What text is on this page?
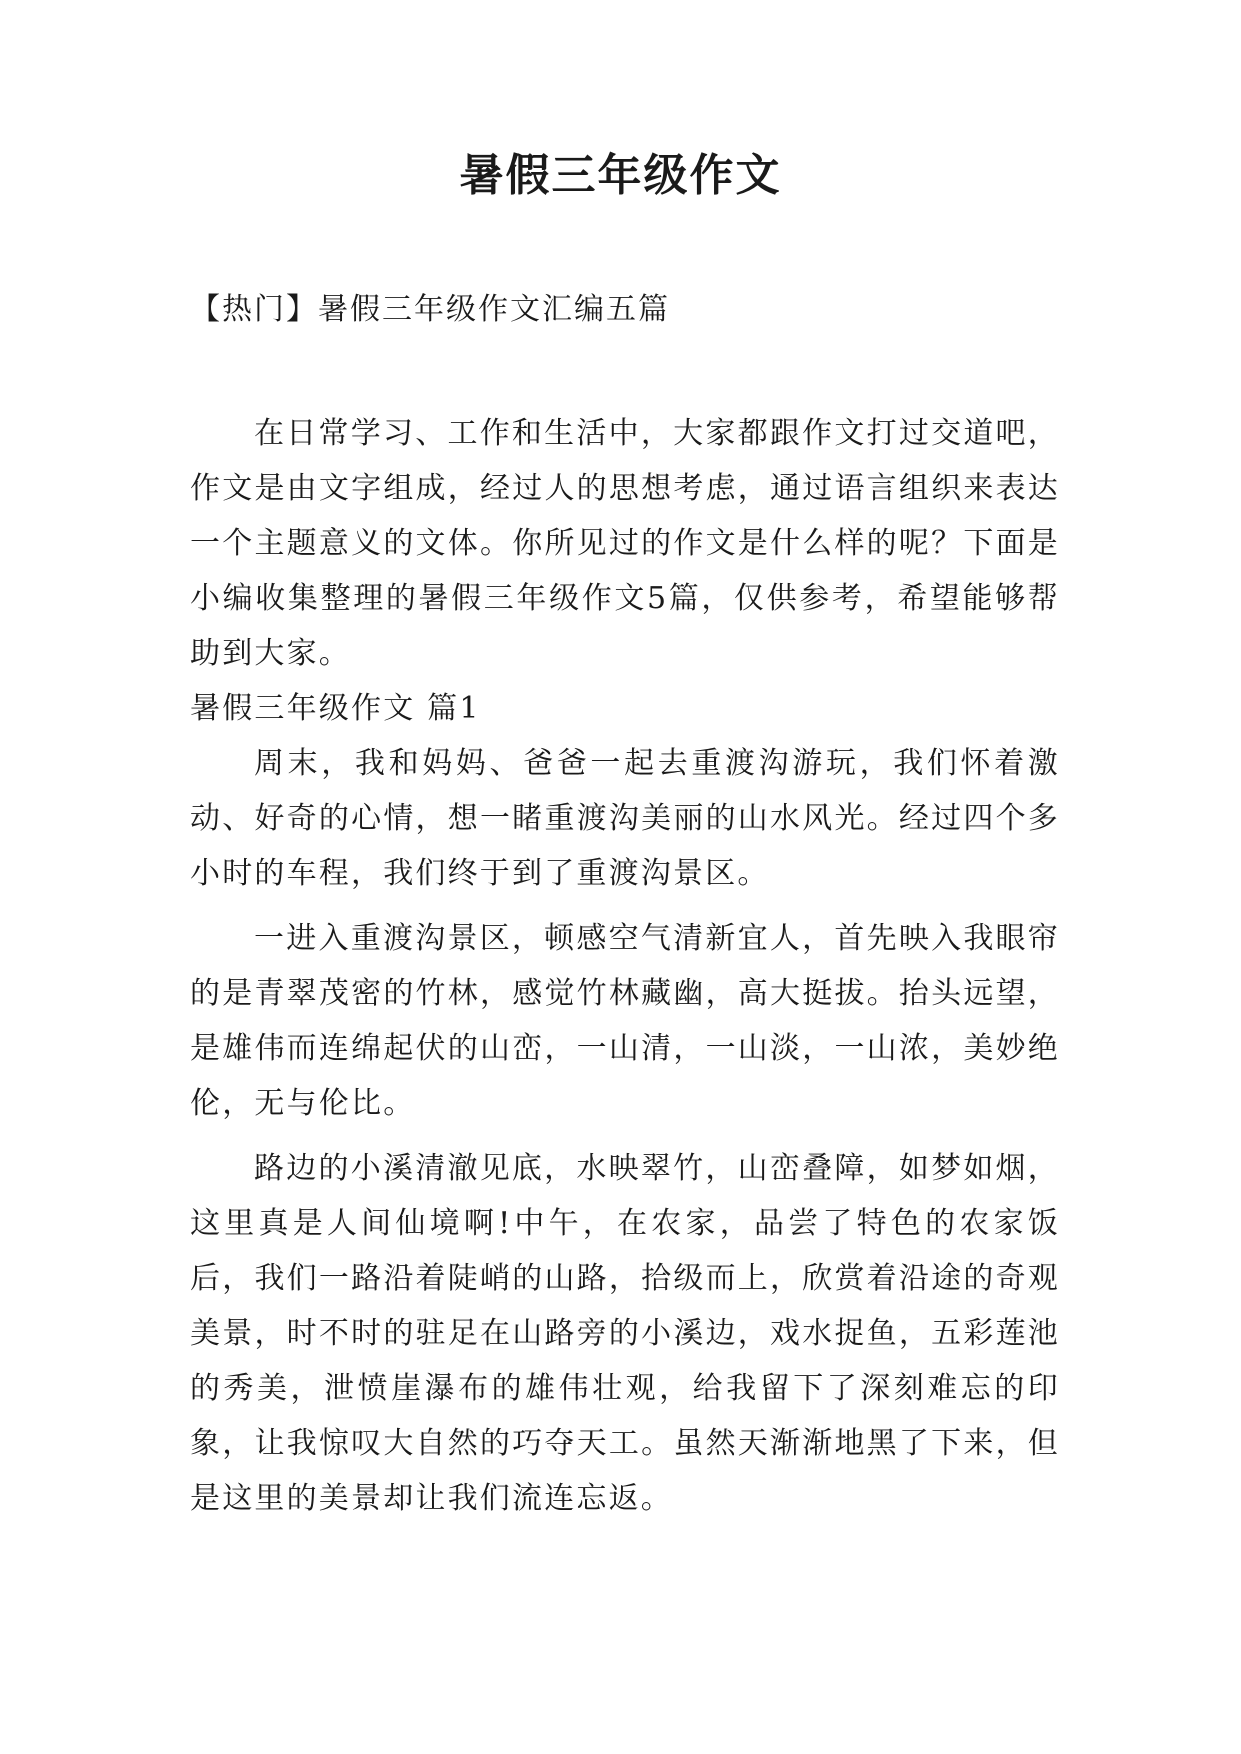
暑假三年级作文
【热门】暑假三年级作文汇编五篇

在日常学习、工作和生活中，大家都跟作文打过交道吧，作文是由文字组成，经过人的思想考虑，通过语言组织来表达一个主题意义的文体。你所见过的作文是什么样的呢？下面是小编收集整理的暑假三年级作文5篇，仅供参考，希望能够帮助到大家。

暑假三年级作文 篇1

周末，我和妈妈、爸爸一起去重渡沟游玩，我们怀着激动、好奇的心情，想一睹重渡沟美丽的山水风光。经过四个多小时的车程，我们终于到了重渡沟景区。

一进入重渡沟景区，顿感空气清新宜人，首先映入我眼帘的是青翠茂密的竹林，感觉竹林藏幽，高大挺拔。抬头远望，是雄伟而连绵起伏的山峦，一山清，一山淡，一山浓，美妙绝伦，无与伦比。

路边的小溪清澈见底，水映翠竹，山峦叠障，如梦如烟，这里真是人间仙境啊!中午，在农家，品尝了特色的农家饭后，我们一路沿着陡峭的山路，拾级而上，欣赏着沿途的奇观美景，时不时的驻足在山路旁的小溪边，戏水捉鱼，五彩莲池的秀美，泄愤崖瀑布的雄伟壮观，给我留下了深刻难忘的印象，让我惊叹大自然的巧夺天工。虽然天渐渐地黑了下来，但是这里的美景却让我们流连忘返。
